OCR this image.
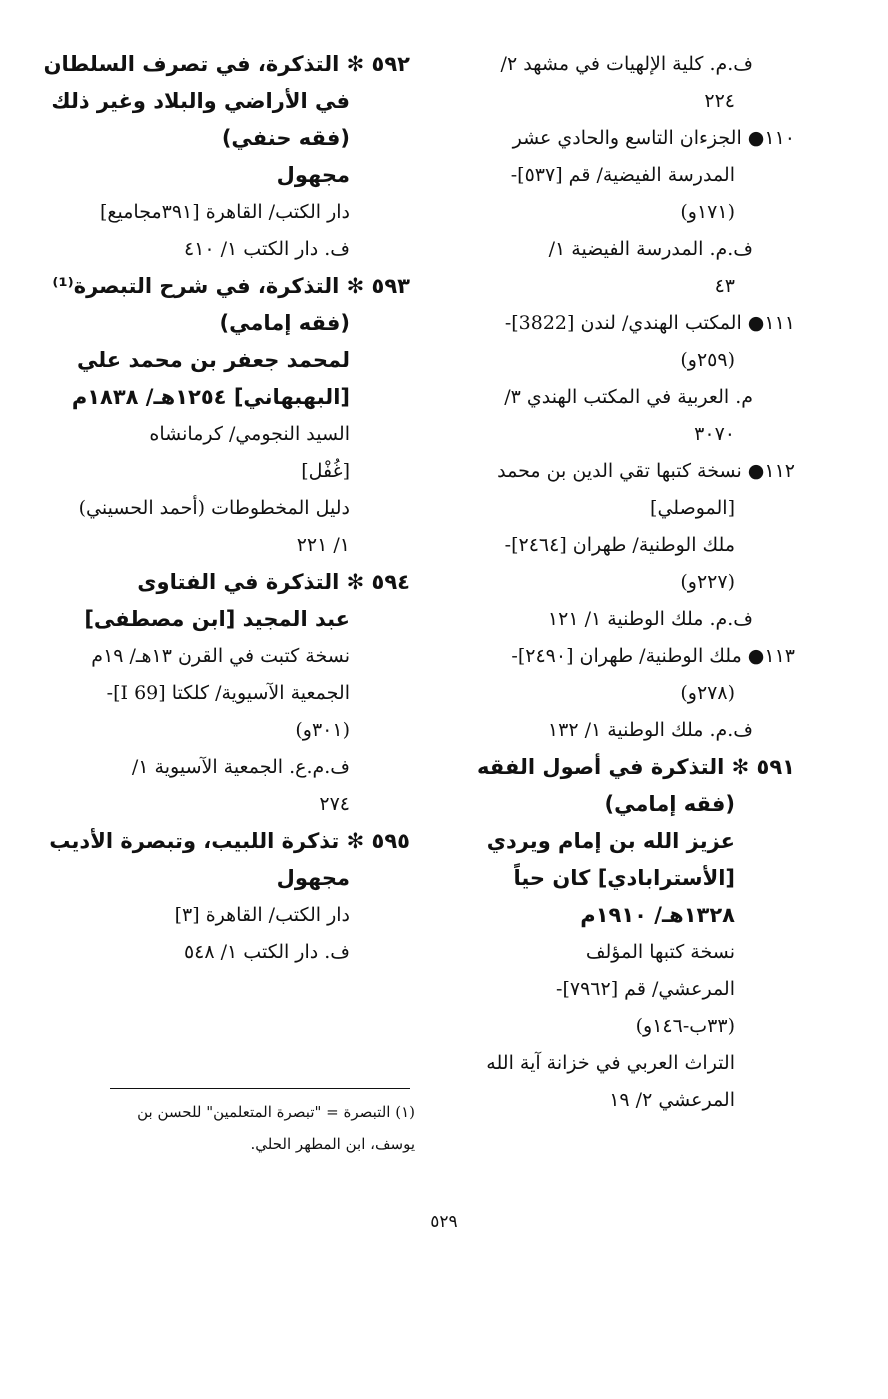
ف.م. كلية الإلهيات في مشهد ٢/
٢٢٤
١١٠● الجزءان التاسع والحادي عشر
المدرسة الفيضية/ قم [٥٣٧]-
(١٧١و)
ف.م. المدرسة الفيضية ١/
٤٣
١١١● المكتب الهندي/ لندن [3822]-
(٢٥٩و)
م. العربية في المكتب الهندي ٣/
٣٠٧٠
١١٢● نسخة كتبها تقي الدين بن محمد
[الموصلي]
ملك الوطنية/ طهران [٢٤٦٤]-
(٢٢٧و)
ف.م. ملك الوطنية ١/ ١٢١
١١٣● ملك الوطنية/ طهران [٢٤٩٠]-
(٢٧٨و)
ف.م. ملك الوطنية ١/ ١٣٢
٥٩١ ✻ التذكرة في أصول الفقه
(فقه إمامي)
عزيز الله بن إمام ويردي
[الأسترابادي] كان حياً
١٣٢٨هـ/ ١٩١٠م
نسخة كتبها المؤلف
المرعشي/ قم [٧٩٦٢]-
(٣٣ب-١٤٦و)
التراث العربي في خزانة آية الله
المرعشي ٢/ ١٩
٥٩٢ ✻ التذكرة، في تصرف السلطان
في الأراضي والبلاد وغير ذلك
(فقه حنفي)
مجهول
دار الكتب/ القاهرة [٣٩١مجاميع]
ف. دار الكتب ١/ ٤١٠
٥٩٣ ✻ التذكرة، في شرح التبصرة⁽¹⁾
(فقه إمامي)
لمحمد جعفر بن محمد علي
[البهبهاني] ١٢٥٤هـ/ ١٨٣٨م
السيد النجومي/ كرمانشاه
[غُفْل]
دليل المخطوطات (أحمد الحسيني)
١/ ٢٢١
٥٩٤ ✻ التذكرة في الفتاوى
عبد المجيد [ابن مصطفى]
نسخة كتبت في القرن ١٣هـ/ ١٩م
الجمعية الآسيوية/ كلكتا [69 I]-
(٣٠١و)
ف.م.ع. الجمعية الآسيوية ١/
٢٧٤
٥٩٥ ✻ تذكرة اللبيب، وتبصرة الأديب
مجهول
دار الكتب/ القاهرة [٣]
ف. دار الكتب ١/ ٥٤٨
(١) التبصرة = "تبصرة المتعلمين" للحسن بن
يوسف، ابن المطهر الحلي.
٥٢٩
